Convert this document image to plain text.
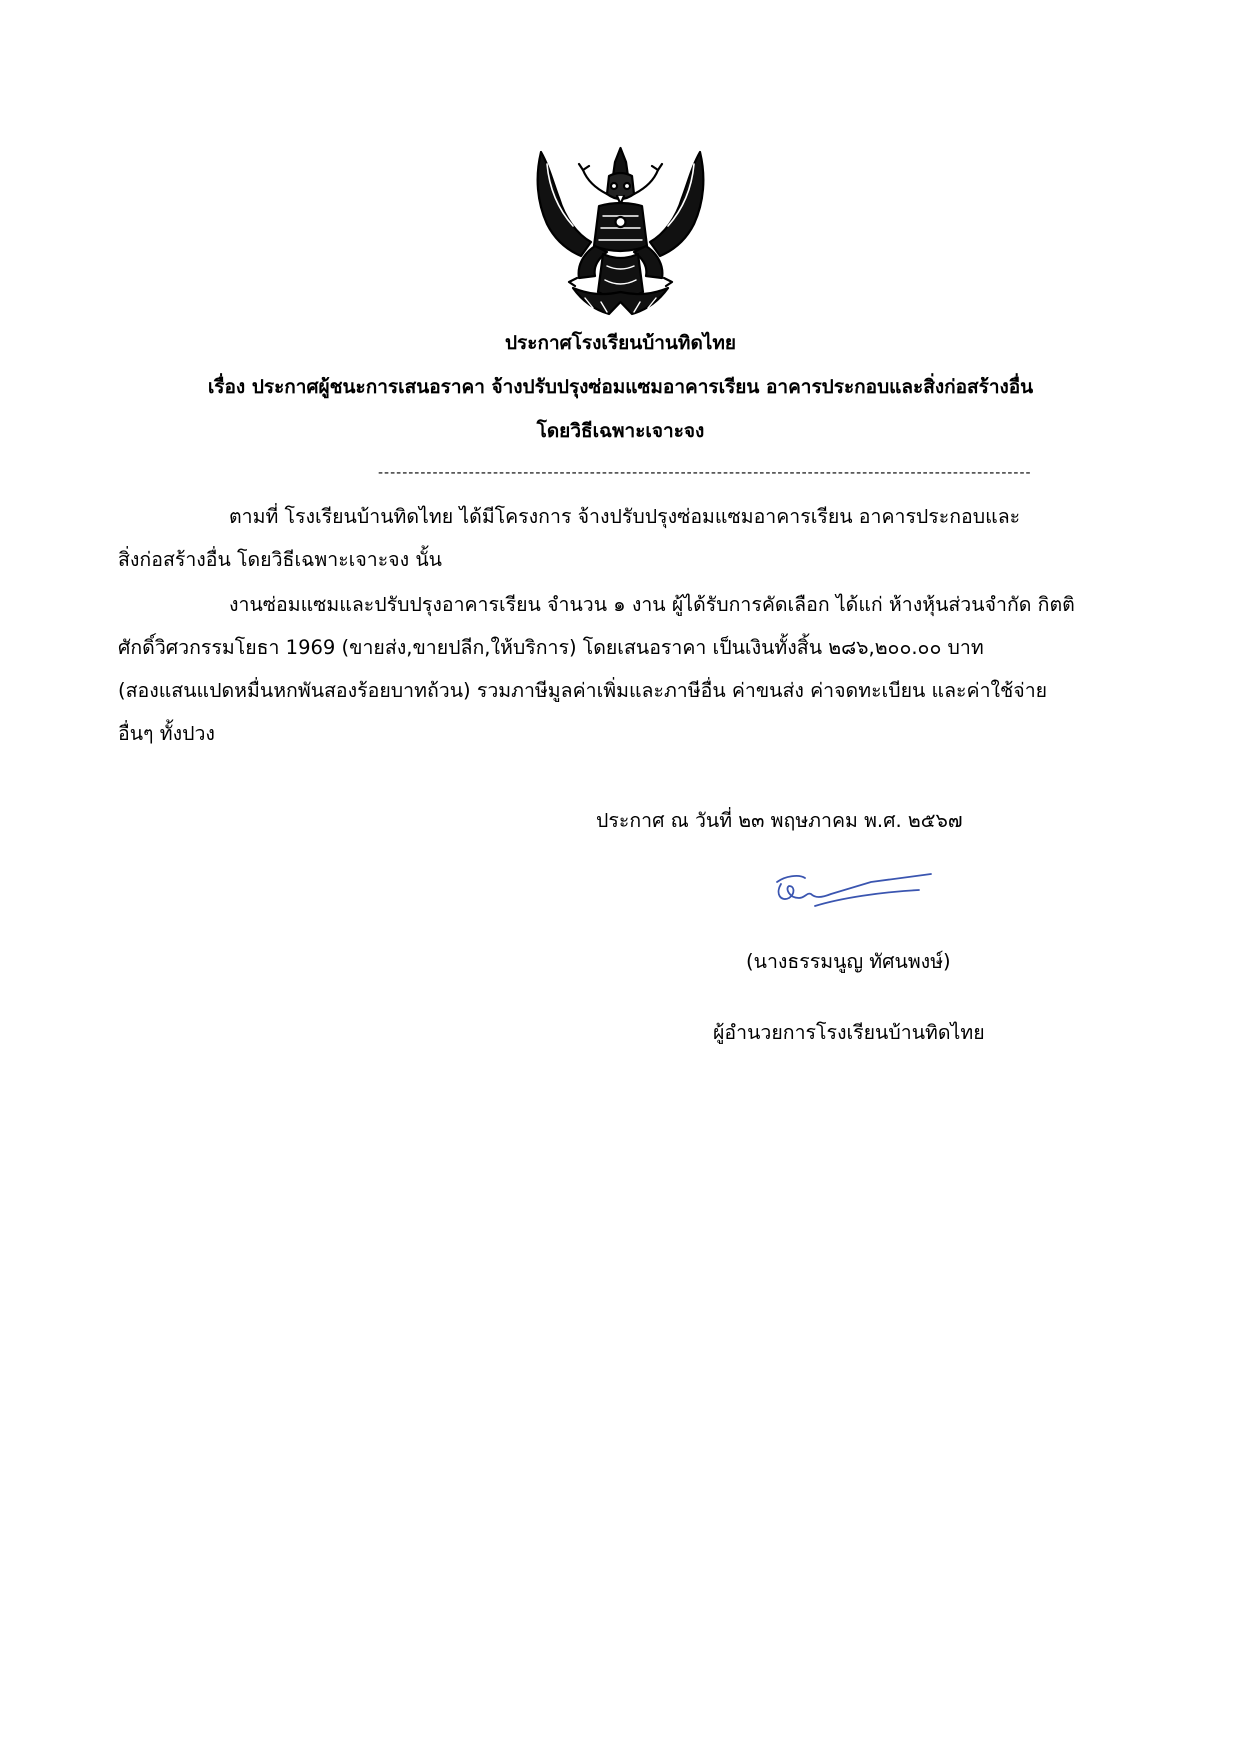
ประกาศโรงเรียนบ้านทิดไทย
เรื่อง ประกาศผู้ชนะการเสนอราคา จ้างปรับปรุงซ่อมแซมอาคารเรียน อาคารประกอบและสิ่งก่อสร้างอื่น
โดยวิธีเฉพาะเจาะจง
------------------------------------------------------------------------------------------------------------
ตามที่ โรงเรียนบ้านทิดไทย ได้มีโครงการ จ้างปรับปรุงซ่อมแซมอาคารเรียน อาคารประกอบและ
สิ่งก่อสร้างอื่น โดยวิธีเฉพาะเจาะจง นั้น
งานซ่อมแซมและปรับปรุงอาคารเรียน จำนวน ๑ งาน ผู้ได้รับการคัดเลือก ได้แก่ ห้างหุ้นส่วนจำกัด กิตติ
ศักดิ์วิศวกรรมโยธา 1969 (ขายส่ง,ขายปลีก,ให้บริการ) โดยเสนอราคา เป็นเงินทั้งสิ้น ๒๘๖,๒๐๐.๐๐ บาท
(สองแสนแปดหมื่นหกพันสองร้อยบาทถ้วน) รวมภาษีมูลค่าเพิ่มและภาษีอื่น ค่าขนส่ง ค่าจดทะเบียน และค่าใช้จ่าย
อื่นๆ ทั้งปวง
ประกาศ ณ วันที่ ๒๓ พฤษภาคม พ.ศ. ๒๕๖๗
(นางธรรมนูญ ทัศนพงษ์)
ผู้อำนวยการโรงเรียนบ้านทิดไทย
